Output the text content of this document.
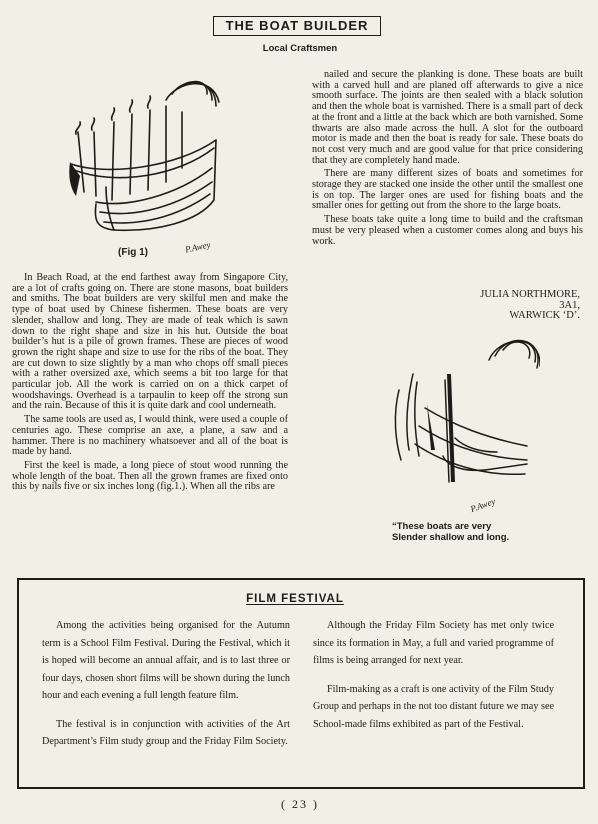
THE BOAT BUILDER
Local Craftsmen
(Fig 1)	P.Awey

In Beach Road, at the end farthest away from Singapore City, are a lot of crafts going on. There are stone masons, boat builders and smiths. The boat builders are very skilful men and make the type of boat used by Chinese fishermen. These boats are very slender, shallow and long. They are made of teak which is sawn down to the right shape and size in his hut. Outside the boat builder’s hut is a pile of grown frames. These are pieces of wood grown the right shape and size to use for the ribs of the boat. They are cut down to size slightly by a man who chops off small pieces with a rather oversized axe, which seems a bit too large for that particular job. All the work is carried on on a thick carpet of woodshavings. Overhead is a tarpaulin to keep off the strong sun and the rain. Because of this it is quite dark and cool underneath.

The same tools are used as, I would think, were used a couple of centuries ago. These comprise an axe, a plane, a saw and a hammer. There is no machinery whatsoever and all of the boat is made by hand.

First the keel is made, a long piece of stout wood running the whole length of the boat. Then all the grown frames are fixed onto this by nails five or six inches long (fig.1.). When all the ribs are

nailed and secure the planking is done. These boats are built with a carved hull and are planed off afterwards to give a nice smooth surface. The joints are then sealed with a black solution and then the whole boat is varnished. There is a small part of deck at the front and a little at the back which are both varnished. Some thwarts are also made across the hull. A slot for the outboard motor is made and then the boat is ready for sale. These boats do not cost very much and are good value for that price considering that they are completely hand made.

There are many different sizes of boats and sometimes for storage they are stacked one inside the other until the smallest one is on top. The larger ones are used for fishing boats and the smaller ones for getting out from the shore to the large boats.

These boats take quite a long time to build and the craftsman must be very pleased when a customer comes along and buys his work.

JULIA NORTHMORE,
3A1,
WARWICK ‘D’.
P.Awey
“These boats are very Slender shallow and long.
FILM FESTIVAL

Among the activities being organised for the Autumn term is a School Film Festival. During the Festival, which it is hoped will become an annual affair, and is to last three or four days, chosen short films will be shown during the lunch hour and each evening a full length feature film.

The festival is in conjunction with activities of the Art Department’s Film study group and the Friday Film Society.

Although the Friday Film Society has met only twice since its formation in May, a full and varied programme of films is being arranged for next year.

Film-making as a craft is one activity of the Film Study Group and perhaps in the not too distant future we may see School-made films exhibited as part of the Festival.

( 23 )
